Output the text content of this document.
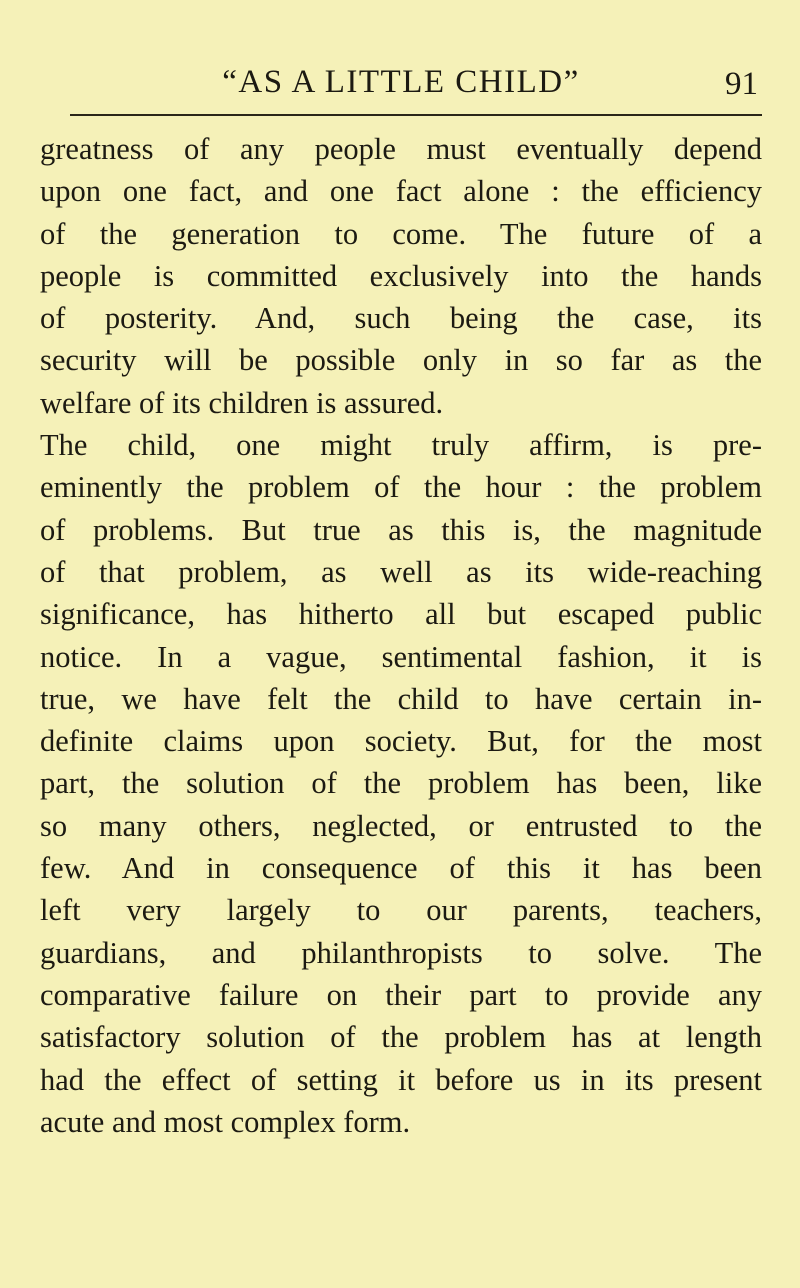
“AS A LITTLE CHILD”	91
greatness of any people must eventually depend
upon one fact, and one fact alone : the efficiency
of the generation to come. The future of a
people is committed exclusively into the hands
of posterity. And, such being the case, its
security will be possible only in so far as the
welfare of its children is assured.
The child, one might truly affirm, is pre-
eminently the problem of the hour : the problem
of problems. But true as this is, the magnitude
of that problem, as well as its wide-reaching
significance, has hitherto all but escaped public
notice. In a vague, sentimental fashion, it is
true, we have felt the child to have certain in-
definite claims upon society. But, for the most
part, the solution of the problem has been, like
so many others, neglected, or entrusted to the
few. And in consequence of this it has been
left very largely to our parents, teachers,
guardians, and philanthropists to solve. The
comparative failure on their part to provide any
satisfactory solution of the problem has at length
had the effect of setting it before us in its present
acute and most complex form.
